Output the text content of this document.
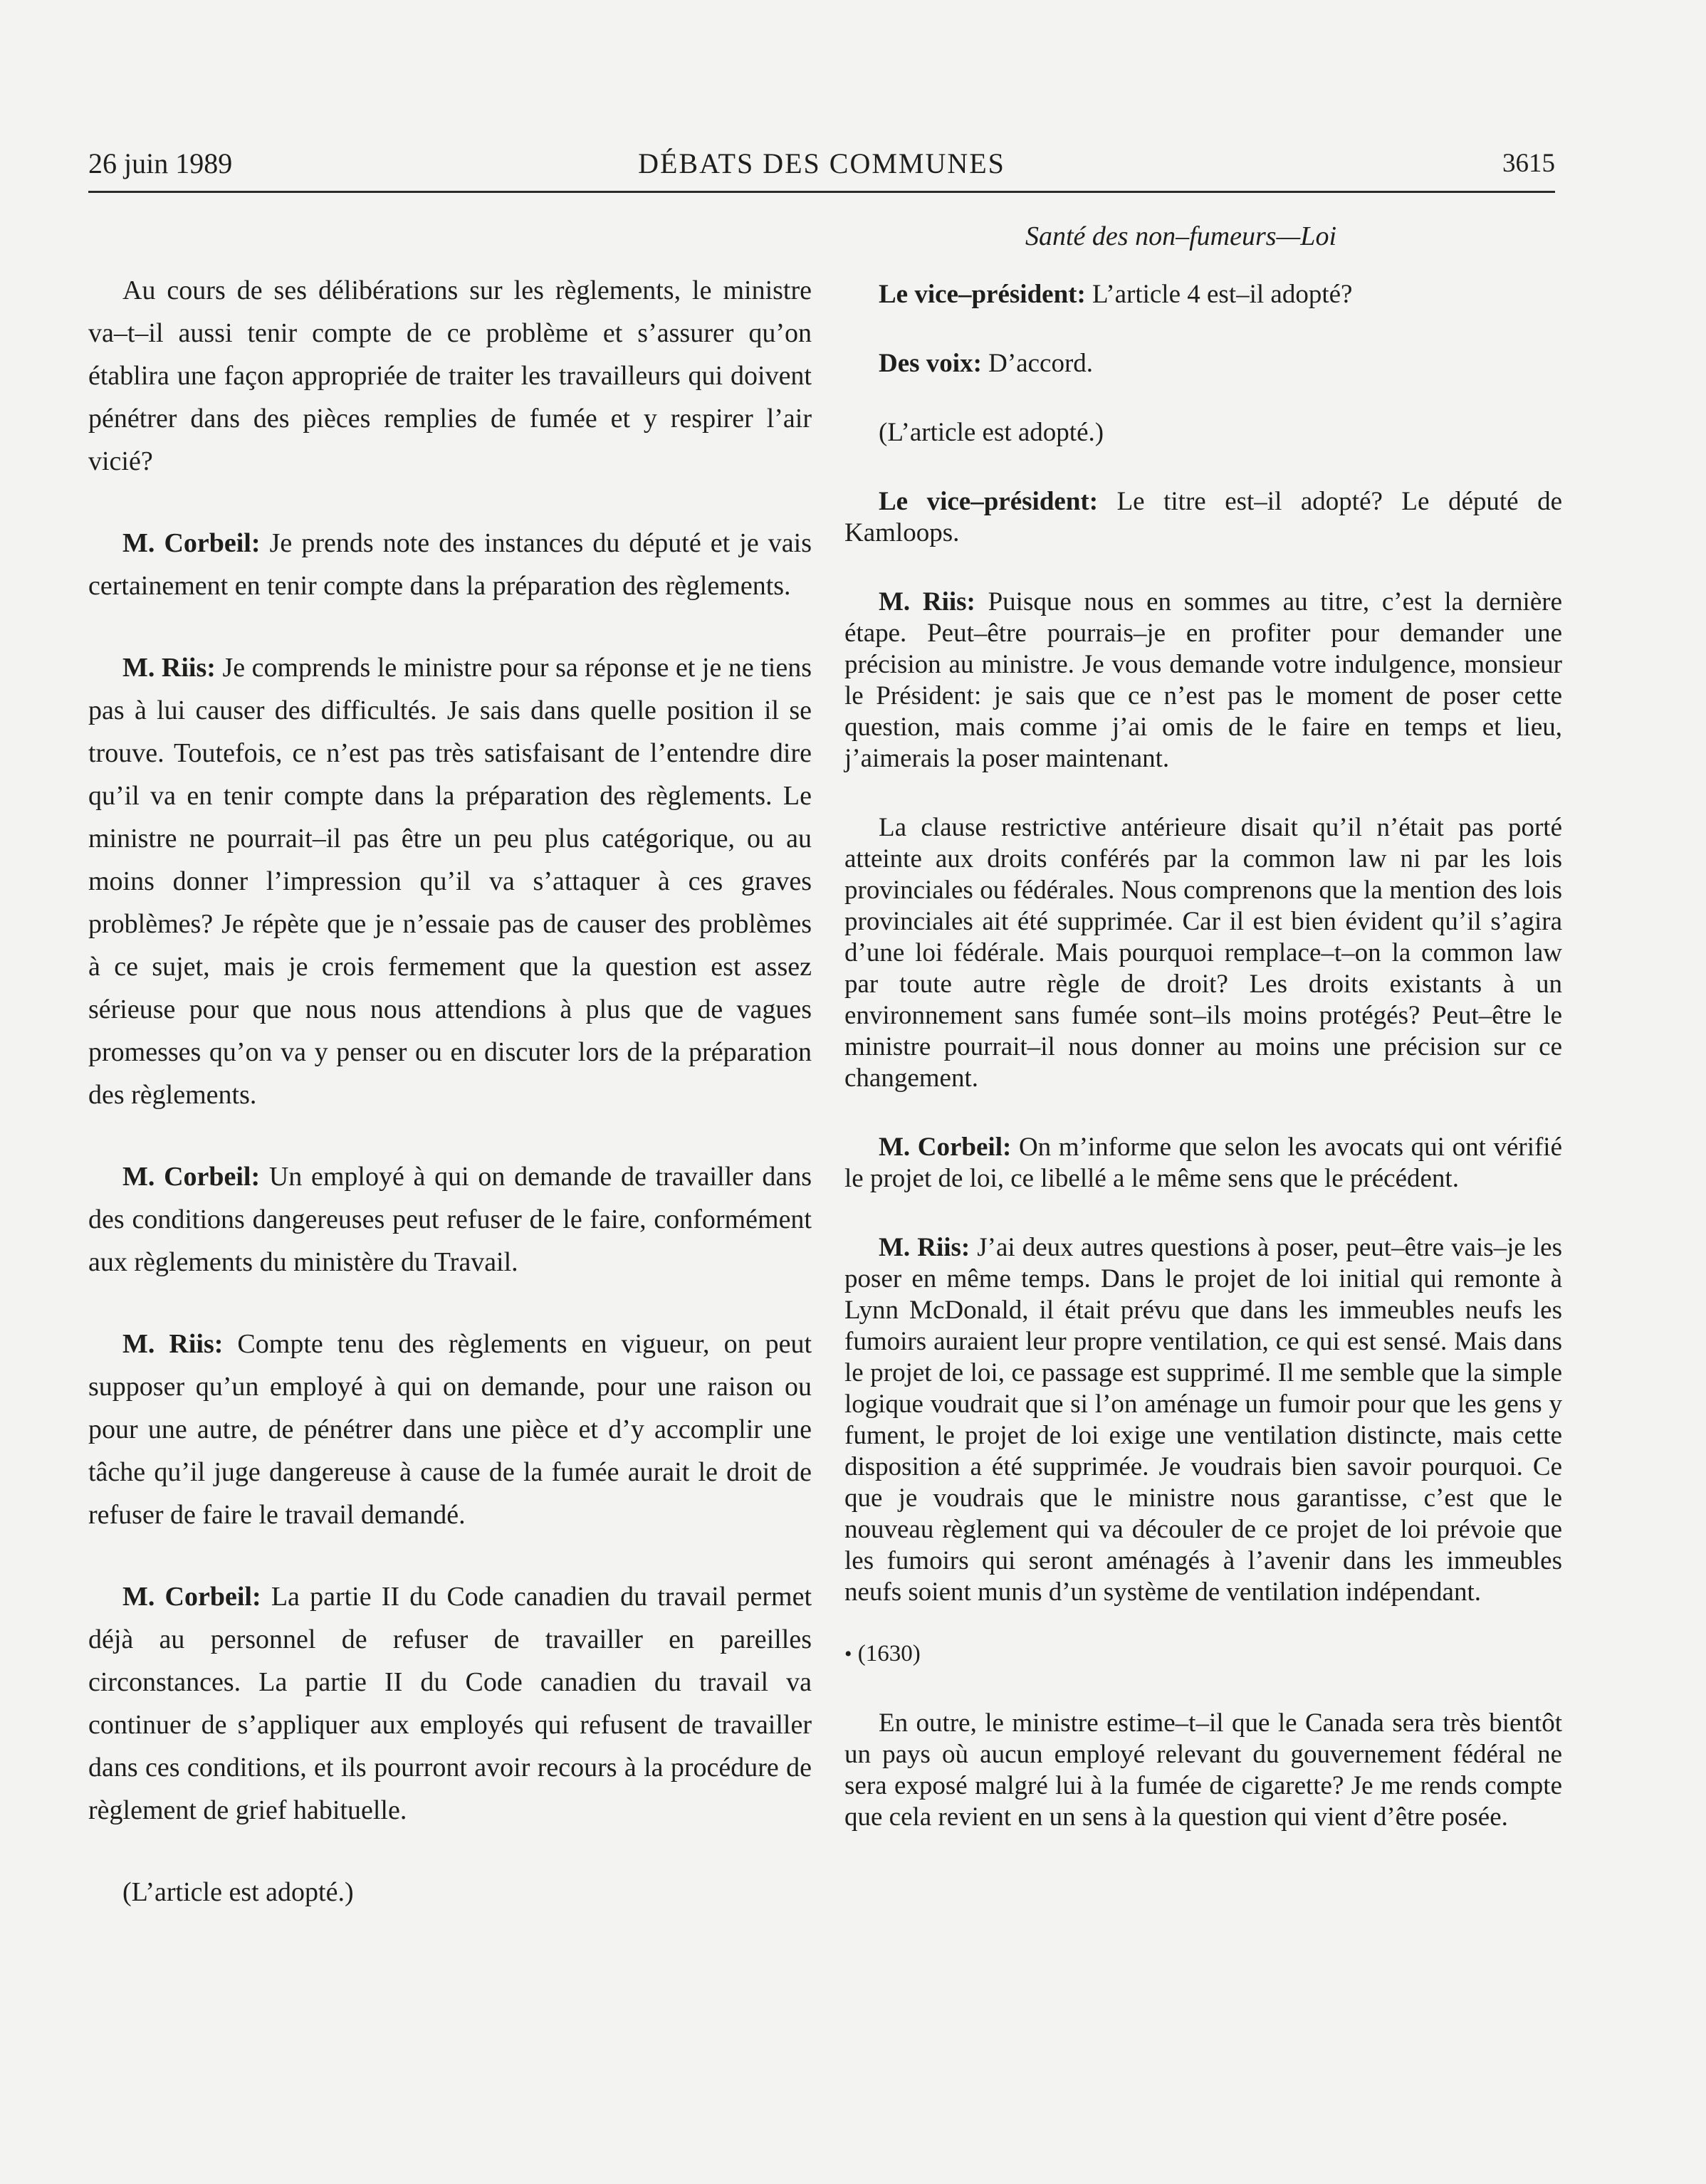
26 juin 1989	DÉBATS DES COMMUNES	3615
Santé des non–fumeurs—Loi

Au cours de ses délibérations sur les règlements, le ministre va–t–il aussi tenir compte de ce problème et s’assurer qu’on établira une façon appropriée de traiter les travailleurs qui doivent pénétrer dans des pièces remplies de fumée et y respirer l’air vicié?

M. Corbeil: Je prends note des instances du député et je vais certainement en tenir compte dans la préparation des règlements.

M. Riis: Je comprends le ministre pour sa réponse et je ne tiens pas à lui causer des difficultés. Je sais dans quelle position il se trouve. Toutefois, ce n’est pas très satisfaisant de l’entendre dire qu’il va en tenir compte dans la préparation des règlements. Le ministre ne pourrait–il pas être un peu plus catégorique, ou au moins donner l’impression qu’il va s’attaquer à ces graves problèmes? Je répète que je n’essaie pas de causer des problèmes à ce sujet, mais je crois fermement que la question est assez sérieuse pour que nous nous attendions à plus que de vagues promesses qu’on va y penser ou en discuter lors de la préparation des règlements.

M. Corbeil: Un employé à qui on demande de travailler dans des conditions dangereuses peut refuser de le faire, conformément aux règlements du ministère du Travail.

M. Riis: Compte tenu des règlements en vigueur, on peut supposer qu’un employé à qui on demande, pour une raison ou pour une autre, de pénétrer dans une pièce et d’y accomplir une tâche qu’il juge dangereuse à cause de la fumée aurait le droit de refuser de faire le travail demandé.

M. Corbeil: La partie II du Code canadien du travail permet déjà au personnel de refuser de travailler en pareilles circonstances. La partie II du Code canadien du travail va continuer de s’appliquer aux employés qui refusent de travailler dans ces conditions, et ils pourront avoir recours à la procédure de règlement de grief habituelle.

(L’article est adopté.)

Le vice–président: L’article 4 est–il adopté?

Des voix: D’accord.

(L’article est adopté.)

Le vice–président: Le titre est–il adopté? Le député de Kamloops.

M. Riis: Puisque nous en sommes au titre, c’est la dernière étape. Peut–être pourrais–je en profiter pour demander une précision au ministre. Je vous demande votre indulgence, monsieur le Président: je sais que ce n’est pas le moment de poser cette question, mais comme j’ai omis de le faire en temps et lieu, j’aimerais la poser maintenant.

La clause restrictive antérieure disait qu’il n’était pas porté atteinte aux droits conférés par la common law ni par les lois provinciales ou fédérales. Nous comprenons que la mention des lois provinciales ait été supprimée. Car il est bien évident qu’il s’agira d’une loi fédérale. Mais pourquoi remplace–t–on la common law par toute autre règle de droit? Les droits existants à un environnement sans fumée sont–ils moins protégés? Peut–être le ministre pourrait–il nous donner au moins une précision sur ce changement.

M. Corbeil: On m’informe que selon les avocats qui ont vérifié le projet de loi, ce libellé a le même sens que le précédent.

M. Riis: J’ai deux autres questions à poser, peut–être vais–je les poser en même temps. Dans le projet de loi initial qui remonte à Lynn McDonald, il était prévu que dans les immeubles neufs les fumoirs auraient leur propre ventilation, ce qui est sensé. Mais dans le projet de loi, ce passage est supprimé. Il me semble que la simple logique voudrait que si l’on aménage un fumoir pour que les gens y fument, le projet de loi exige une ventilation distincte, mais cette disposition a été supprimée. Je voudrais bien savoir pourquoi. Ce que je voudrais que le ministre nous garantisse, c’est que le nouveau règlement qui va découler de ce projet de loi prévoie que les fumoirs qui seront aménagés à l’avenir dans les immeubles neufs soient munis d’un système de ventilation indépendant.

• (1630)

En outre, le ministre estime–t–il que le Canada sera très bientôt un pays où aucun employé relevant du gouvernement fédéral ne sera exposé malgré lui à la fumée de cigarette? Je me rends compte que cela revient en un sens à la question qui vient d’être posée.
